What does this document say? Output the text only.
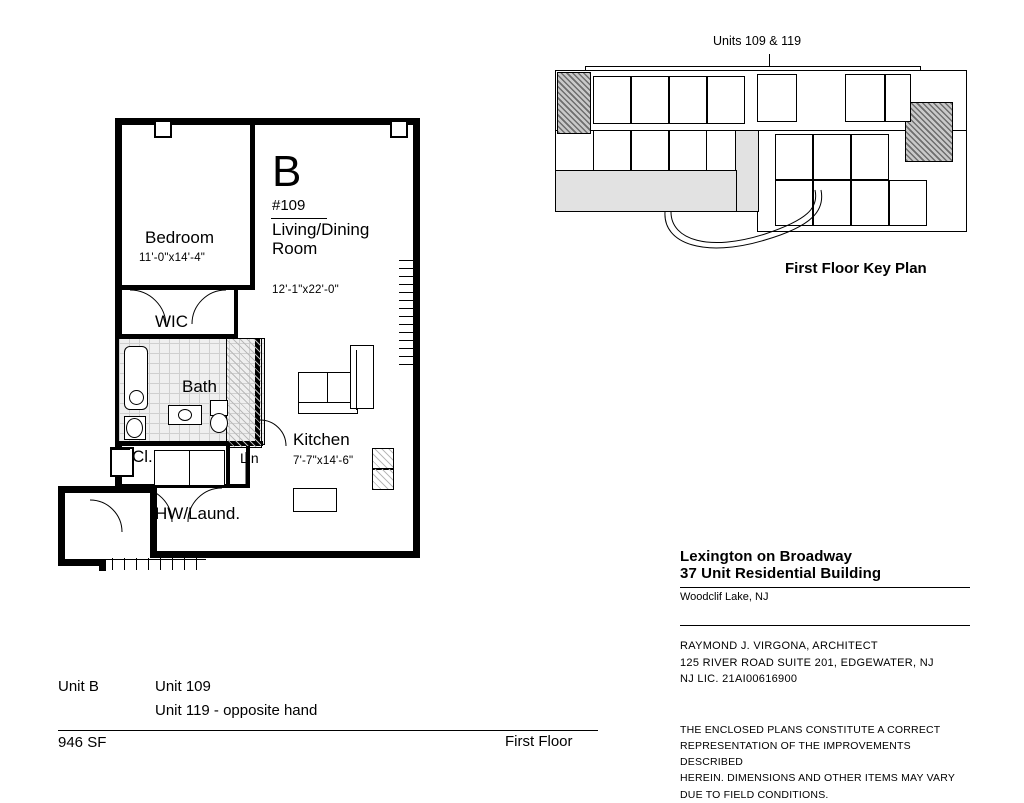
Bedroom
11'-0"x14'-4"
B
#109
Living/Dining
Room
12'-1"x22'-0"
WIC
Bath
Kitchen
7'-7"x14'-6"
Cl.	Lin
HW/Laund.
Units 109 & 119
First Floor Key Plan
Unit B	Unit 109
Unit 119 - opposite hand
946 SF	First Floor
Lexington on Broadway
37 Unit Residential Building
Woodclif Lake, NJ
RAYMOND J. VIRGONA, ARCHITECT
125 RIVER ROAD SUITE 201, EDGEWATER, NJ
NJ LIC. 21AI00616900
THE ENCLOSED PLANS CONSTITUTE A CORRECT
REPRESENTATION OF THE IMPROVEMENTS DESCRIBED
HEREIN. DIMENSIONS AND OTHER ITEMS MAY VARY
DUE TO FIELD CONDITIONS.
